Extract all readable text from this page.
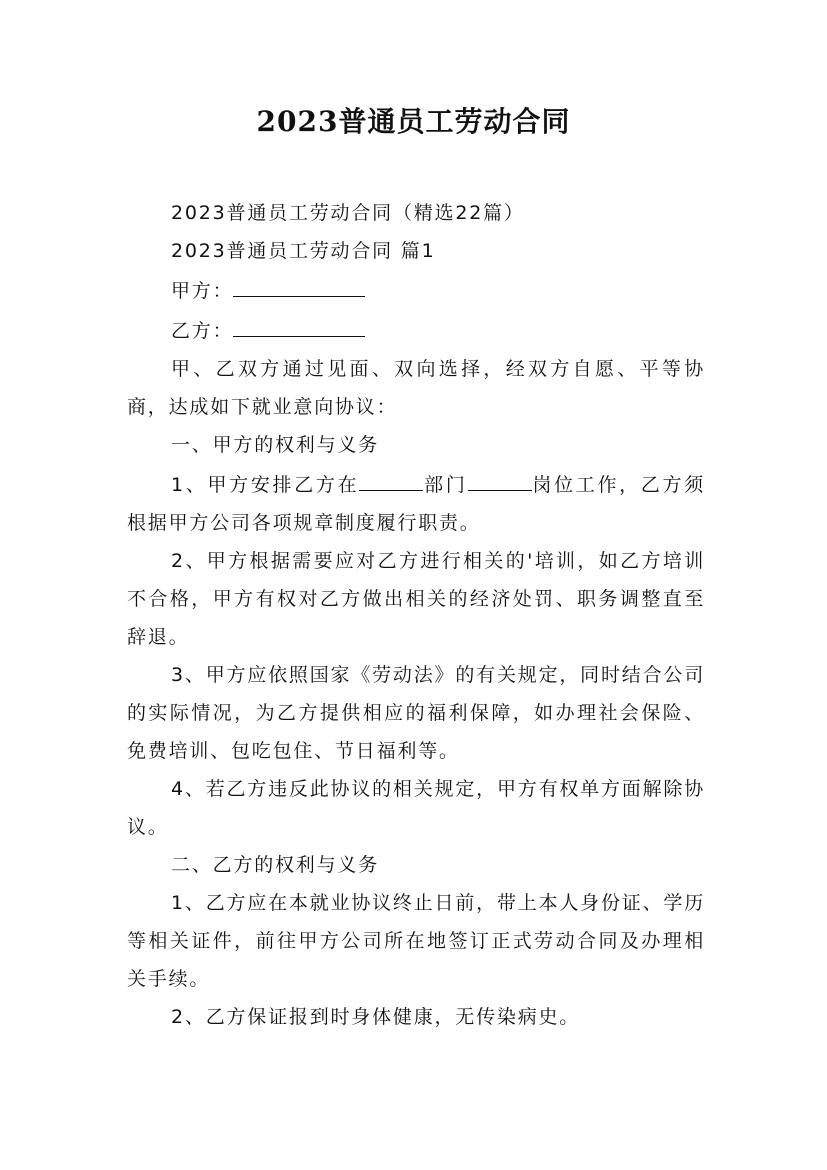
2023普通员工劳动合同

2023普通员工劳动合同（精选22篇）

2023普通员工劳动合同 篇1

甲方：

乙方：

甲、乙双方通过见面、双向选择，经双方自愿、平等协商，达成如下就业意向协议：

一、甲方的权利与义务

1、甲方安排乙方在	部门	岗位工作，乙方须根据甲方公司各项规章制度履行职责。

2、甲方根据需要应对乙方进行相关的'培训，如乙方培训不合格，甲方有权对乙方做出相关的经济处罚、职务调整直至辞退。

3、甲方应依照国家《劳动法》的有关规定，同时结合公司的实际情况，为乙方提供相应的福利保障，如办理社会保险、免费培训、包吃包住、节日福利等。

4、若乙方违反此协议的相关规定，甲方有权单方面解除协议。

二、乙方的权利与义务

1、乙方应在本就业协议终止日前，带上本人身份证、学历等相关证件，前往甲方公司所在地签订正式劳动合同及办理相关手续。

2、乙方保证报到时身体健康，无传染病史。
